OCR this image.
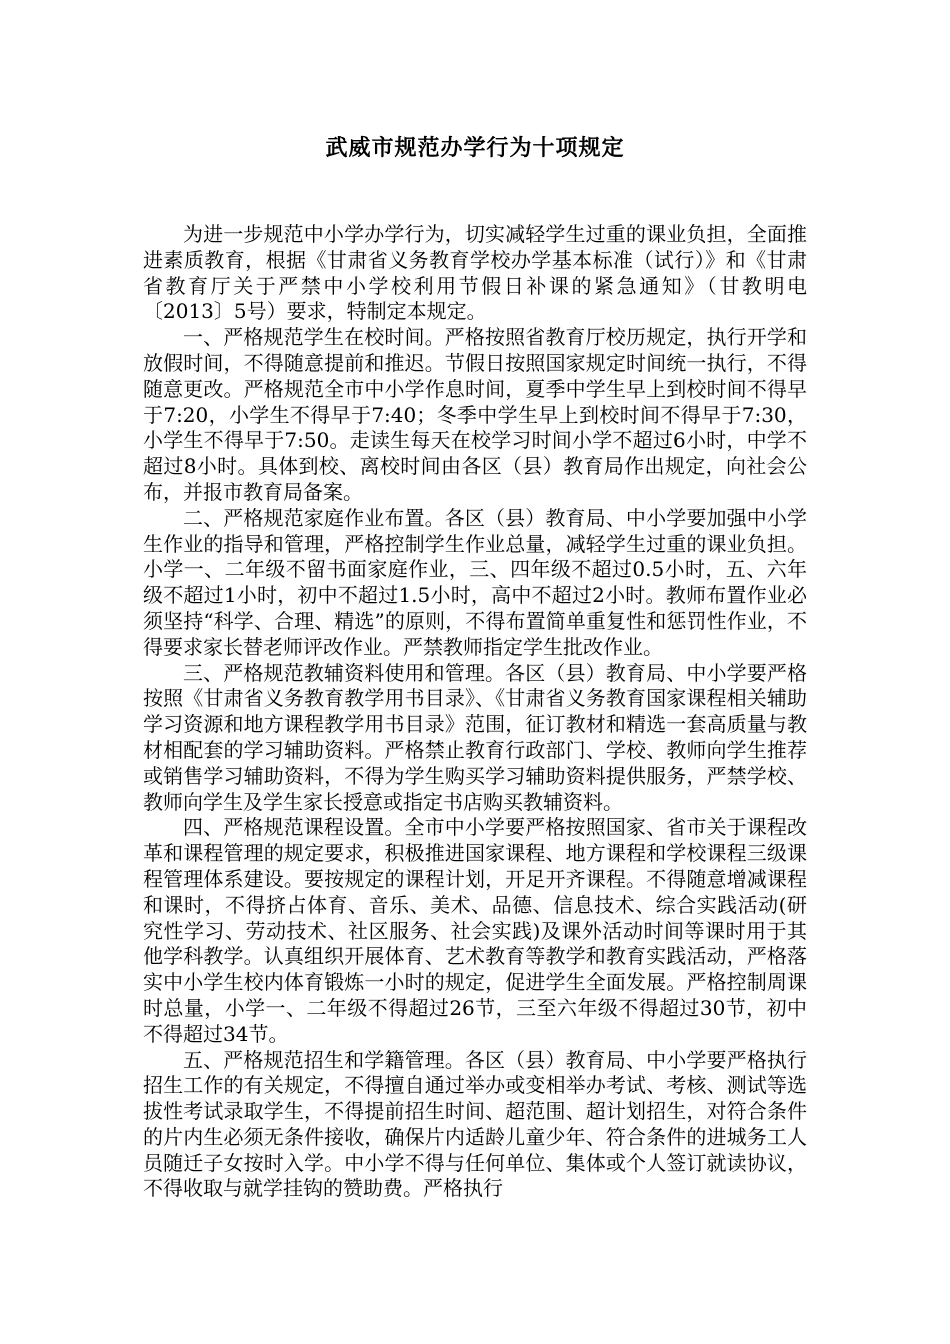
武威市规范办学行为十项规定

为进一步规范中小学办学行为，切实减轻学生过重的课业负担，全面推进素质教育，根据《甘肃省义务教育学校办学基本标准（试行）》和《甘肃省教育厅关于严禁中小学校利用节假日补课的紧急通知》（甘教明电〔2013〕5号）要求，特制定本规定。

一、严格规范学生在校时间。严格按照省教育厅校历规定，执行开学和放假时间，不得随意提前和推迟。节假日按照国家规定时间统一执行，不得随意更改。严格规范全市中小学作息时间，夏季中学生早上到校时间不得早于7:20，小学生不得早于7:40；冬季中学生早上到校时间不得早于7:30，小学生不得早于7:50。走读生每天在校学习时间小学不超过6小时，中学不超过8小时。具体到校、离校时间由各区（县）教育局作出规定，向社会公布，并报市教育局备案。

二、严格规范家庭作业布置。各区（县）教育局、中小学要加强中小学生作业的指导和管理，严格控制学生作业总量，减轻学生过重的课业负担。小学一、二年级不留书面家庭作业，三、四年级不超过0.5小时，五、六年级不超过1小时，初中不超过1.5小时，高中不超过2小时。教师布置作业必须坚持“科学、合理、精选”的原则，不得布置简单重复性和惩罚性作业，不得要求家长替老师评改作业。严禁教师指定学生批改作业。

三、严格规范教辅资料使用和管理。各区（县）教育局、中小学要严格按照《甘肃省义务教育教学用书目录》、《甘肃省义务教育国家课程相关辅助学习资源和地方课程教学用书目录》范围，征订教材和精选一套高质量与教材相配套的学习辅助资料。严格禁止教育行政部门、学校、教师向学生推荐或销售学习辅助资料，不得为学生购买学习辅助资料提供服务，严禁学校、教师向学生及学生家长授意或指定书店购买教辅资料。

四、严格规范课程设置。全市中小学要严格按照国家、省市关于课程改革和课程管理的规定要求，积极推进国家课程、地方课程和学校课程三级课程管理体系建设。要按规定的课程计划，开足开齐课程。不得随意增减课程和课时，不得挤占体育、音乐、美术、品德、信息技术、综合实践活动(研究性学习、劳动技术、社区服务、社会实践)及课外活动时间等课时用于其他学科教学。认真组织开展体育、艺术教育等教学和教育实践活动，严格落实中小学生校内体育锻炼一小时的规定，促进学生全面发展。严格控制周课时总量，小学一、二年级不得超过26节，三至六年级不得超过30节，初中不得超过34节。

五、严格规范招生和学籍管理。各区（县）教育局、中小学要严格执行招生工作的有关规定，不得擅自通过举办或变相举办考试、考核、测试等选拔性考试录取学生，不得提前招生时间、超范围、超计划招生，对符合条件的片内生必须无条件接收，确保片内适龄儿童少年、符合条件的进城务工人员随迁子女按时入学。中小学不得与任何单位、集体或个人签订就读协议，不得收取与就学挂钩的赞助费。严格执行
